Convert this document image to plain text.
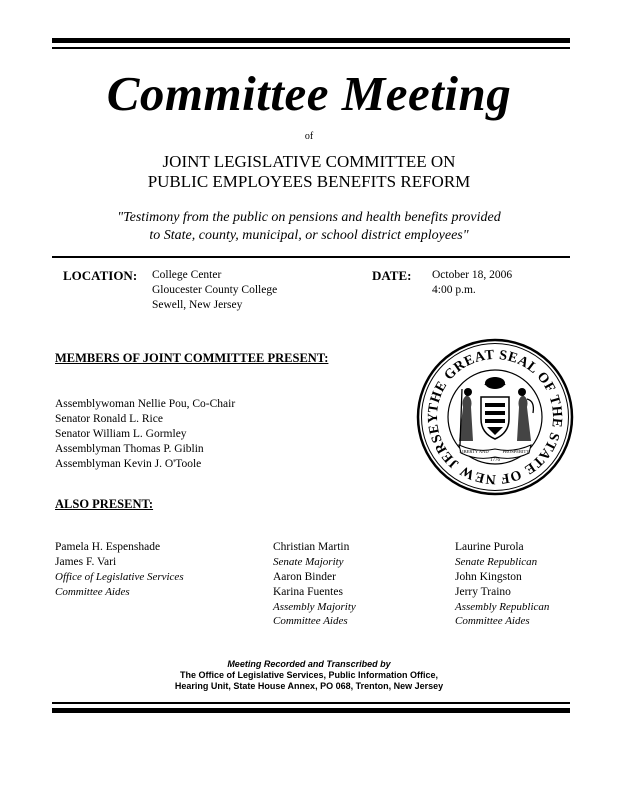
Committee Meeting
of
JOINT LEGISLATIVE COMMITTEE ON
PUBLIC EMPLOYEES BENEFITS REFORM
"Testimony from the public on pensions and health benefits provided
to State, county, municipal, or school district employees"
LOCATION: College Center
Gloucester County College
Sewell, New Jersey
DATE: October 18, 2006
4:00 p.m.
MEMBERS OF JOINT COMMITTEE PRESENT:
Assemblywoman Nellie Pou, Co-Chair
Senator Ronald L. Rice
Senator William L. Gormley
Assemblyman Thomas P. Giblin
Assemblyman Kevin J. O'Toole
THE GREAT SEAL OF THE STATE OF NEW JERSEY
LIBERTY AND	PROSPERITY
1776
ALSO PRESENT:
Pamela H. Espenshade
James F. Vari
Office of Legislative Services
Committee Aides
Christian Martin
Senate Majority
Aaron Binder
Karina Fuentes
Assembly Majority
Committee Aides
Laurine Purola
Senate Republican
John Kingston
Jerry Traino
Assembly Republican
Committee Aides
Meeting Recorded and Transcribed by
The Office of Legislative Services, Public Information Office,
Hearing Unit, State House Annex, PO 068, Trenton, New Jersey
